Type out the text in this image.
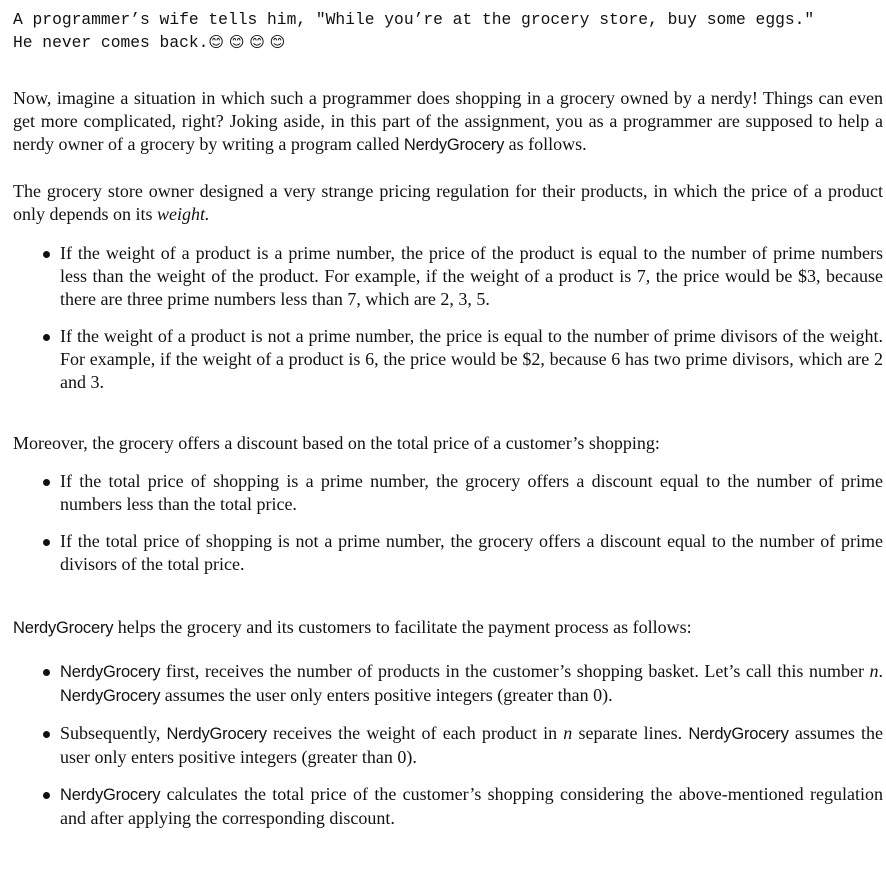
A programmer’s wife tells him, "While you’re at the grocery store, buy some eggs."

He never comes back.😊 😊 😊 😊

Now, imagine a situation in which such a programmer does shopping in a grocery owned by a nerdy! Things can even get more complicated, right? Joking aside, in this part of the assignment, you as a programmer are supposed to help a nerdy owner of a grocery by writing a program called NerdyGrocery as follows.

The grocery store owner designed a very strange pricing regulation for their products, in which the price of a product only depends on its weight.

If the weight of a product is a prime number, the price of the product is equal to the number of prime numbers less than the weight of the product. For example, if the weight of a product is 7, the price would be $3, because there are three prime numbers less than 7, which are 2, 3, 5.
If the weight of a product is not a prime number, the price is equal to the number of prime divisors of the weight. For example, if the weight of a product is 6, the price would be $2, because 6 has two prime divisors, which are 2 and 3.

Moreover, the grocery offers a discount based on the total price of a customer’s shopping:

If the total price of shopping is a prime number, the grocery offers a discount equal to the number of prime numbers less than the total price.
If the total price of shopping is not a prime number, the grocery offers a discount equal to the number of prime divisors of the total price.

NerdyGrocery helps the grocery and its customers to facilitate the payment process as follows:

NerdyGrocery first, receives the number of products in the customer’s shopping basket. Let’s call this number n. NerdyGrocery assumes the user only enters positive integers (greater than 0).
Subsequently, NerdyGrocery receives the weight of each product in n separate lines. NerdyGrocery assumes the user only enters positive integers (greater than 0).
NerdyGrocery calculates the total price of the customer’s shopping considering the above-mentioned regulation and after applying the corresponding discount.
